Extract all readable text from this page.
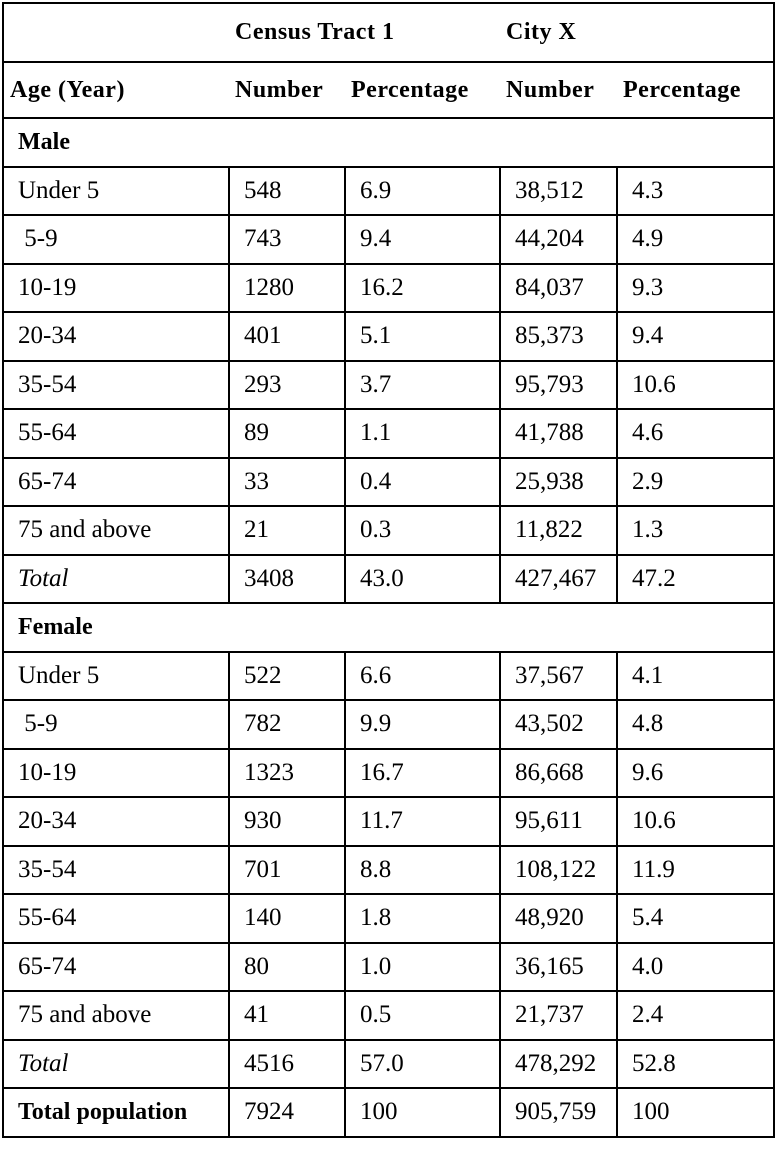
	Census Tract 1		City X	
Age (Year)	Number	Percentage	Number	Percentage
Male				
Under 5	548	6.9	38,512	4.3
5-9	743	9.4	44,204	4.9
10-19	1280	16.2	84,037	9.3
20-34	401	5.1	85,373	9.4
35-54	293	3.7	95,793	10.6
55-64	89	1.1	41,788	4.6
65-74	33	0.4	25,938	2.9
75 and above	21	0.3	11,822	1.3
Total	3408	43.0	427,467	47.2
Female				
Under 5	522	6.6	37,567	4.1
5-9	782	9.9	43,502	4.8
10-19	1323	16.7	86,668	9.6
20-34	930	11.7	95,611	10.6
35-54	701	8.8	108,122	11.9
55-64	140	1.8	48,920	5.4
65-74	80	1.0	36,165	4.0
75 and above	41	0.5	21,737	2.4
Total	4516	57.0	478,292	52.8
Total population	7924	100	905,759	100
